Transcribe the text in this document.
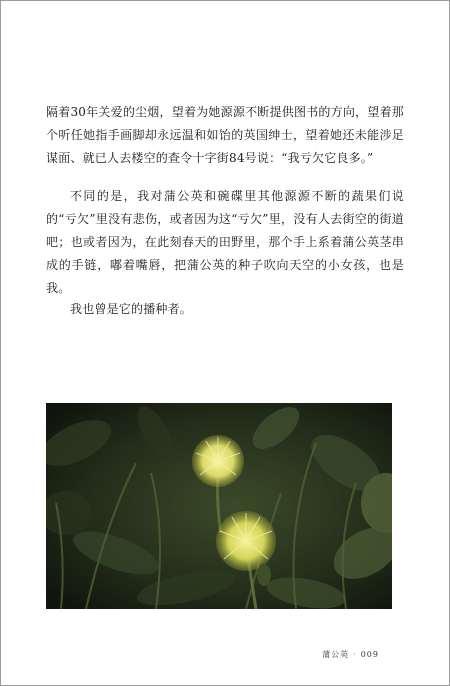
隔着30年关爱的尘烟，望着为她源源不断提供图书的方向，望着那个听任她指手画脚却永远温和如饴的英国绅士，望着她还未能涉足谋面、就已人去楼空的查令十字街84号说：“我亏欠它良多。”

不同的是，我对蒲公英和碗碟里其他源源不断的蔬果们说的“亏欠”里没有悲伤，或者因为这“亏欠”里，没有人去街空的街道吧；也或者因为，在此刻春天的田野里，那个手上系着蒲公英茎串成的手链，嘟着嘴唇，把蒲公英的种子吹向天空的小女孩，也是我。

我也曾是它的播种者。

蒲公英 · 009
